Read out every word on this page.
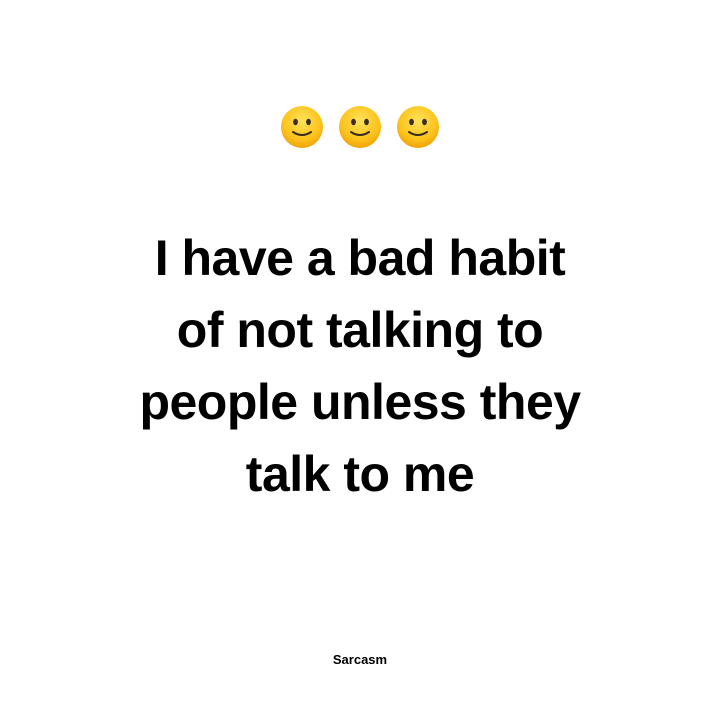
I have a bad habit
of not talking to
people unless they
talk to me

Sarcasm
